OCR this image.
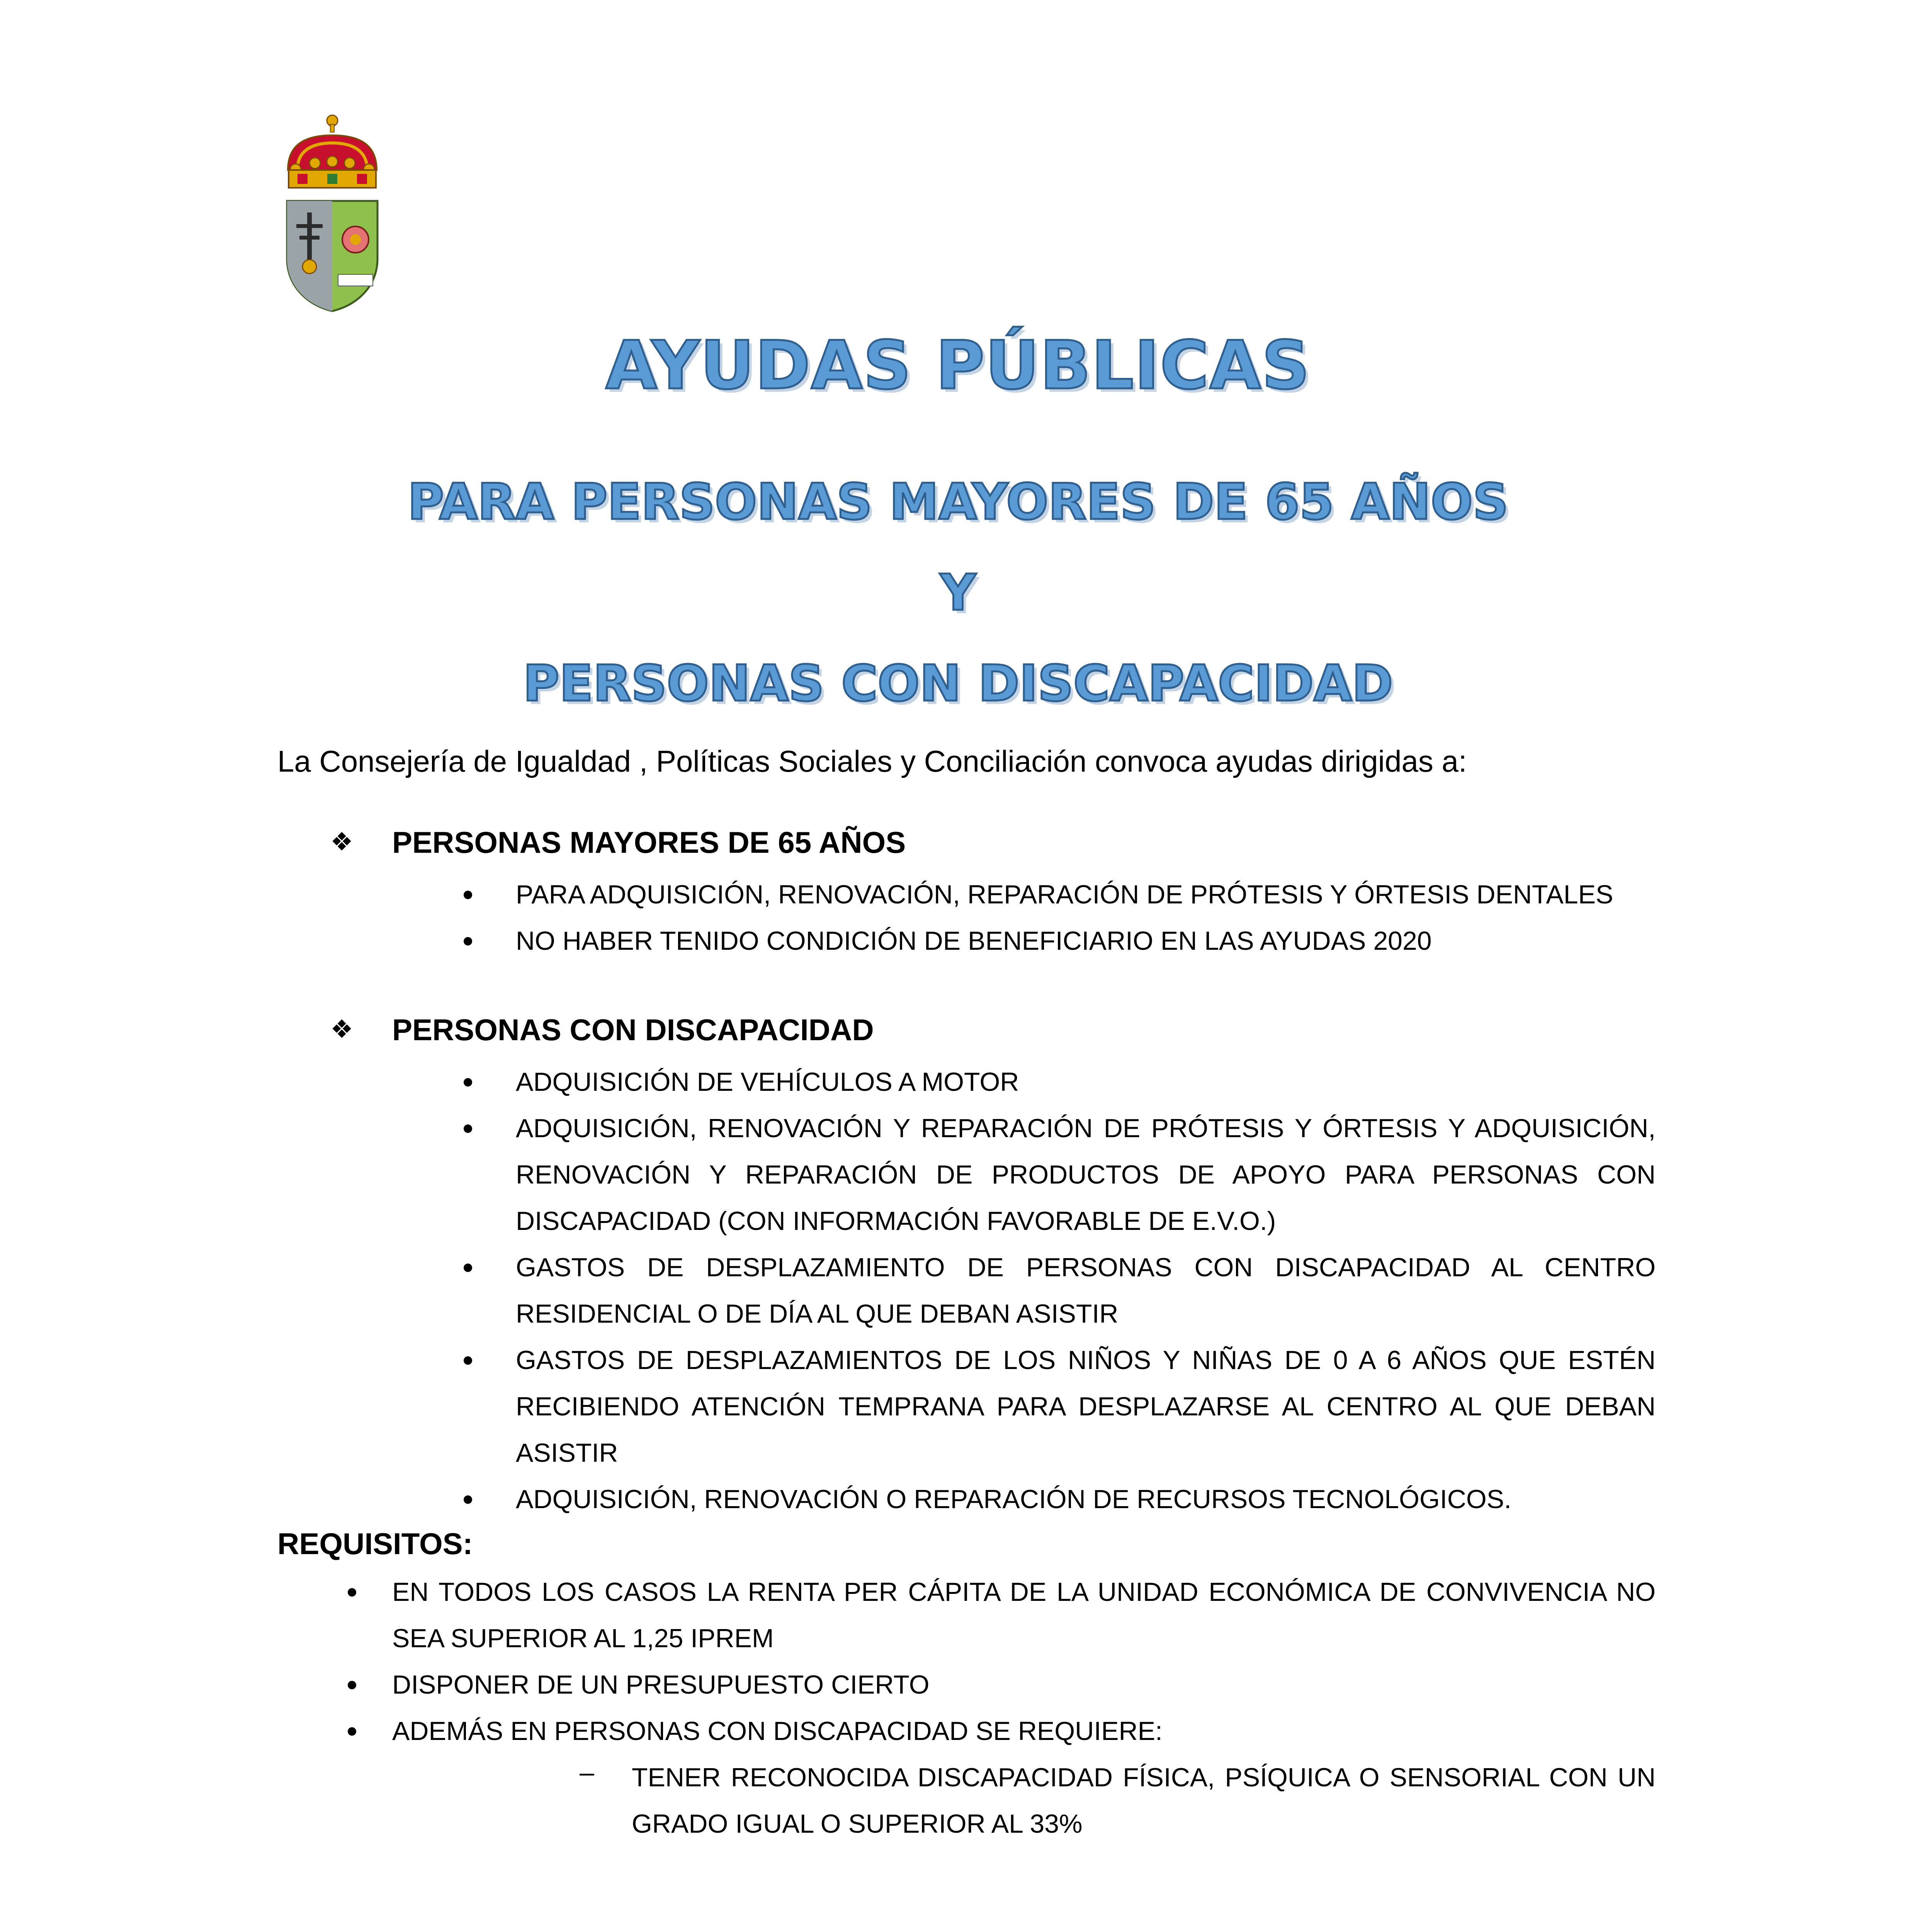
AYUDAS PÚBLICAS
PARA PERSONAS MAYORES DE 65 AÑOS
Y
PERSONAS CON DISCAPACIDAD
La Consejería de Igualdad , Políticas Sociales y Conciliación convoca ayudas dirigidas a:
❖ PERSONAS MAYORES DE 65 AÑOS
PARA ADQUISICIÓN, RENOVACIÓN, REPARACIÓN DE PRÓTESIS Y ÓRTESIS DENTALES
NO HABER TENIDO CONDICIÓN DE BENEFICIARIO EN LAS AYUDAS 2020
❖ PERSONAS CON DISCAPACIDAD
ADQUISICIÓN DE VEHÍCULOS A MOTOR
ADQUISICIÓN, RENOVACIÓN Y REPARACIÓN DE PRÓTESIS Y ÓRTESIS Y ADQUISICIÓN, RENOVACIÓN Y REPARACIÓN DE PRODUCTOS DE APOYO PARA PERSONAS CON DISCAPACIDAD (CON INFORMACIÓN FAVORABLE DE E.V.O.)
GASTOS DE DESPLAZAMIENTO DE PERSONAS CON DISCAPACIDAD AL CENTRO RESIDENCIAL O DE DÍA AL QUE DEBAN ASISTIR
GASTOS DE DESPLAZAMIENTOS DE LOS NIÑOS Y NIÑAS DE 0 A 6 AÑOS QUE ESTÉN RECIBIENDO ATENCIÓN TEMPRANA PARA DESPLAZARSE AL CENTRO AL QUE DEBAN ASISTIR
ADQUISICIÓN, RENOVACIÓN O REPARACIÓN DE RECURSOS TECNOLÓGICOS.
REQUISITOS:
EN TODOS LOS CASOS LA RENTA PER CÁPITA DE LA UNIDAD ECONÓMICA DE CONVIVENCIA NO SEA SUPERIOR AL 1,25 IPREM
DISPONER DE UN PRESUPUESTO CIERTO
ADEMÁS EN PERSONAS CON DISCAPACIDAD SE REQUIERE:
– TENER RECONOCIDA DISCAPACIDAD FÍSICA, PSÍQUICA O SENSORIAL CON UN GRADO IGUAL O SUPERIOR AL 33%
